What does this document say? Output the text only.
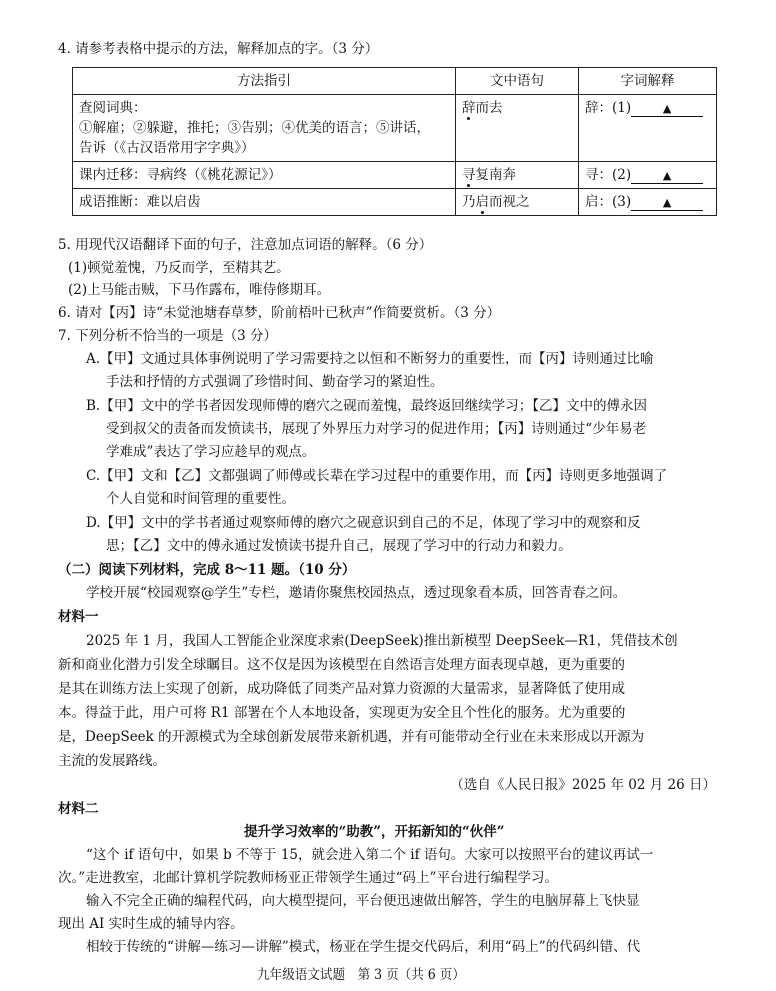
4. 请参考表格中提示的方法，解释加点的字。（3 分）
方法指引	文中语句	字词解释

查阅词典：
①解雇；②躲避，推托；③告别；④优美的语言；⑤讲话，
告诉（《古汉语常用字字典》）	辞而去	辞：(1) ▲

课内迁移：寻病终（《桃花源记》）	寻复南奔	寻：(2) ▲

成语推断：难以启齿	乃启而视之	启：(3) ▲
5. 用现代汉语翻译下面的句子，注意加点词语的解释。（6 分）
(1)顿觉羞愧，乃反而学，至精其艺。
(2)上马能击贼，下马作露布，唯侍修期耳。
6. 请对【丙】诗“未觉池塘春草梦，阶前梧叶已秋声”作简要赏析。（3 分）
7. 下列分析不恰当的一项是（3 分）
A.【甲】文通过具体事例说明了学习需要持之以恒和不断努力的重要性，而【丙】诗则通过比喻
手法和抒情的方式强调了珍惜时间、勤奋学习的紧迫性。
B.【甲】文中的学书者因发现师傅的磨穴之砚而羞愧，最终返回继续学习；【乙】文中的傅永因
受到叔父的责备而发愤读书，展现了外界压力对学习的促进作用；【丙】诗则通过“少年易老
学难成”表达了学习应趁早的观点。
C.【甲】文和【乙】文都强调了师傅或长辈在学习过程中的重要作用，而【丙】诗则更多地强调了
个人自觉和时间管理的重要性。
D.【甲】文中的学书者通过观察师傅的磨穴之砚意识到自己的不足，体现了学习中的观察和反
思；【乙】文中的傅永通过发愤读书提升自己，展现了学习中的行动力和毅力。
（二）阅读下列材料，完成 8～11 题。（10 分）
学校开展“校园观察@学生”专栏，邀请你聚焦校园热点，透过现象看本质，回答青春之问。
材料一
2025 年 1 月，我国人工智能企业深度求索(DeepSeek)推出新模型 DeepSeek—R1，凭借技术创
新和商业化潜力引发全球瞩目。这不仅是因为该模型在自然语言处理方面表现卓越，更为重要的
是其在训练方法上实现了创新，成功降低了同类产品对算力资源的大量需求，显著降低了使用成
本。得益于此，用户可将 R1 部署在个人本地设备，实现更为安全且个性化的服务。尤为重要的
是，DeepSeek 的开源模式为全球创新发展带来新机遇，并有可能带动全行业在未来形成以开源为
主流的发展路线。
（选自《人民日报》2025 年 02 月 26 日）
材料二
提升学习效率的“助教”，开拓新知的“伙伴”
“这个 if 语句中，如果 b 不等于 15，就会进入第二个 if 语句。大家可以按照平台的建议再试一
次。”走进教室，北邮计算机学院教师杨亚正带领学生通过“码上”平台进行编程学习。
输入不完全正确的编程代码，向大模型提问，平台便迅速做出解答，学生的电脑屏幕上飞快显
现出 AI 实时生成的辅导内容。
相较于传统的“讲解—练习—讲解”模式，杨亚在学生提交代码后，利用“码上”的代码纠错、代
九年级语文试题　第 3 页（共 6 页）
